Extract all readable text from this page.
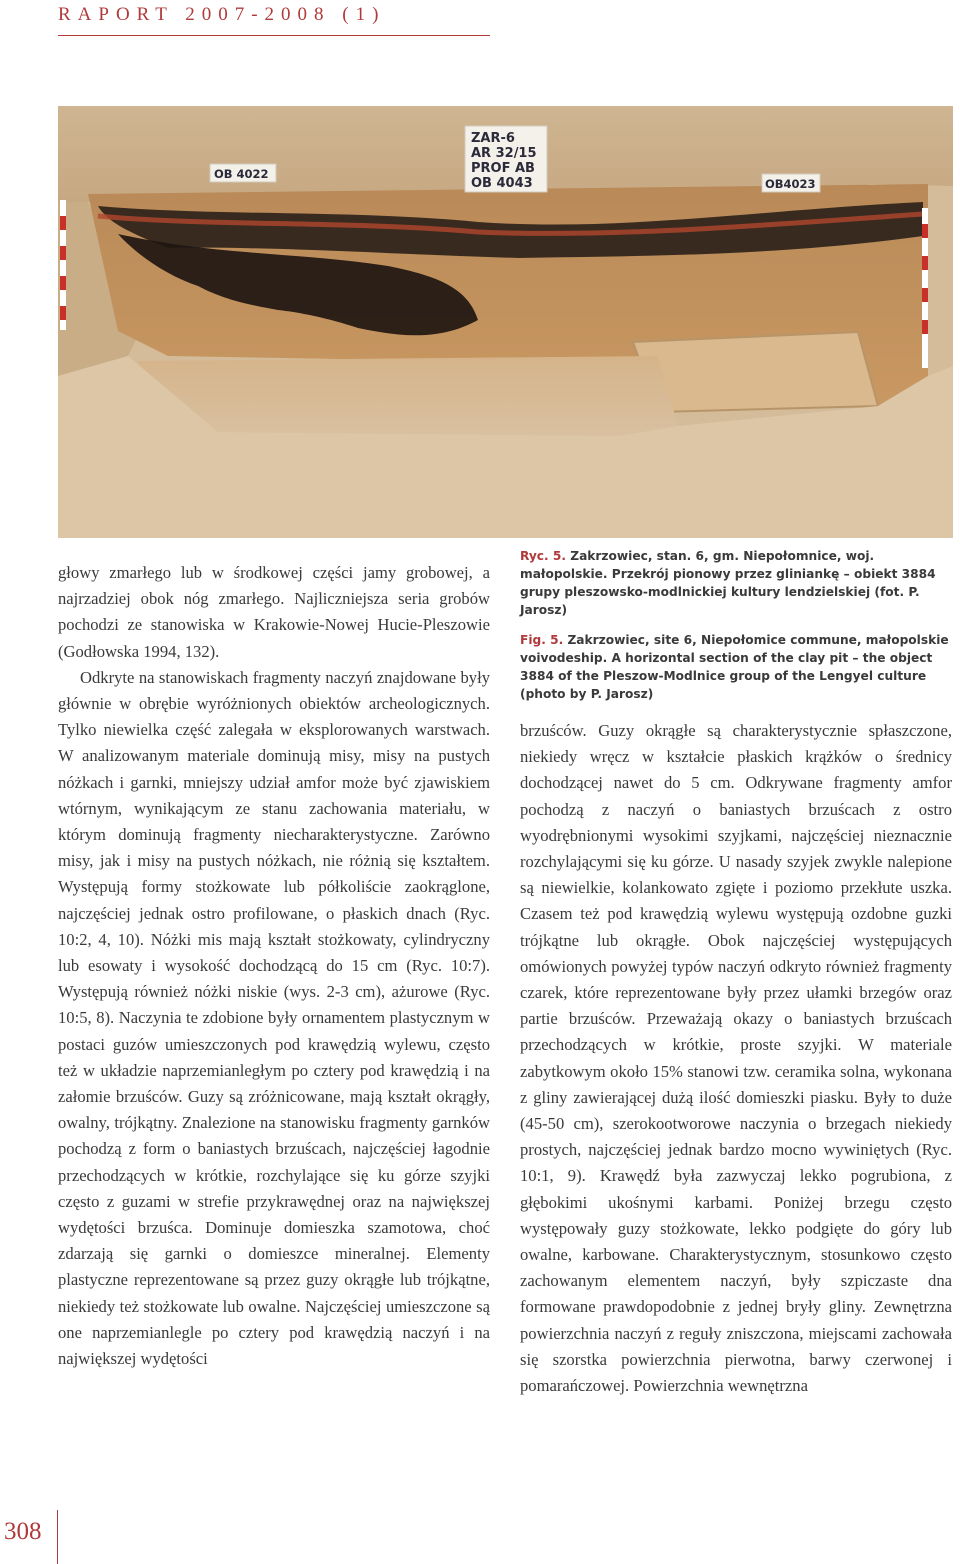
RAPORT 2007-2008 (1)
ZAR-6
AR 32/15
PROF AB
OB 4043
OB 4022
OB4023
Ryc. 5. Zakrzowiec, stan. 6, gm. Niepołomnice, woj. małopolskie. Przekrój pionowy przez gliniankę – obiekt 3884 grupy pleszowsko-modlnickiej kultury lendzielskiej (fot. P. Jarosz)
Fig. 5. Zakrzowiec, site 6, Niepołomice commune, małopolskie voivodeship. A horizontal section of the clay pit – the object 3884 of the Pleszow-Modlnice group of the Lengyel culture (photo by P. Jarosz)

głowy zmarłego lub w środkowej części jamy grobowej, a najrzadziej obok nóg zmarłego. Najliczniejsza seria grobów pochodzi ze stanowiska w Krakowie-Nowej Hucie-Pleszowie (Godłowska 1994, 132).

Odkryte na stanowiskach fragmenty naczyń znajdowane były głównie w obrębie wyróżnionych obiektów archeologicznych. Tylko niewielka część zalegała w eksplorowanych warstwach. W analizowanym materiale dominują misy, misy na pustych nóżkach i garnki, mniejszy udział amfor może być zjawiskiem wtórnym, wynikającym ze stanu zachowania materiału, w którym dominują fragmenty niecharakterystyczne. Zarówno misy, jak i misy na pustych nóżkach, nie różnią się kształtem. Występują formy stożkowate lub półkoliście zaokrąglone, najczęściej jednak ostro profilowane, o płaskich dnach (Ryc. 10:2, 4, 10). Nóżki mis mają kształt stożkowaty, cylindryczny lub esowaty i wysokość dochodzącą do 15 cm (Ryc. 10:7). Występują również nóżki niskie (wys. 2-3 cm), ażurowe (Ryc. 10:5, 8). Naczynia te zdobione były ornamentem plastycznym w postaci guzów umieszczonych pod krawędzią wylewu, często też w układzie naprzemianległym po cztery pod krawędzią i na załomie brzuśców. Guzy są zróżnicowane, mają kształt okrągły, owalny, trójkątny. Znalezione na stanowisku fragmenty garnków pochodzą z form o baniastych brzuścach, najczęściej łagodnie przechodzących w krótkie, rozchylające się ku górze szyjki często z guzami w strefie przykrawędnej oraz na największej wydętości brzuśca. Dominuje domieszka szamotowa, choć zdarzają się garnki o domieszce mineralnej. Elementy plastyczne reprezentowane są przez guzy okrągłe lub trójkątne, niekiedy też stożkowate lub owalne. Najczęściej umieszczone są one naprzemianlegle po cztery pod krawędzią naczyń i na największej wydętości

brzuśców. Guzy okrągłe są charakterystycznie spłaszczone, niekiedy wręcz w kształcie płaskich krążków o średnicy dochodzącej nawet do 5 cm. Odkrywane fragmenty amfor pochodzą z naczyń o baniastych brzuścach z ostro wyodrębnionymi wysokimi szyjkami, najczęściej nieznacznie rozchylającymi się ku górze. U nasady szyjek zwykle nalepione są niewielkie, kolankowato zgięte i poziomo przekłute uszka. Czasem też pod krawędzią wylewu występują ozdobne guzki trójkątne lub okrągłe. Obok najczęściej występujących omówionych powyżej typów naczyń odkryto również fragmenty czarek, które reprezentowane były przez ułamki brzegów oraz partie brzuśców. Przeważają okazy o baniastych brzuścach przechodzących w krótkie, proste szyjki. W materiale zabytkowym około 15% stanowi tzw. ceramika solna, wykonana z gliny zawierającej dużą ilość domieszki piasku. Były to duże (45-50 cm), szerokootworowe naczynia o brzegach niekiedy prostych, najczęściej jednak bardzo mocno wywiniętych (Ryc. 10:1, 9). Krawędź była zazwyczaj lekko pogrubiona, z głębokimi ukośnymi karbami. Poniżej brzegu często występowały guzy stożkowate, lekko podgięte do góry lub owalne, karbowane. Charakterystycznym, stosunkowo często zachowanym elementem naczyń, były szpiczaste dna formowane prawdopodobnie z jednej bryły gliny. Zewnętrzna powierzchnia naczyń z reguły zniszczona, miejscami zachowała się szorstka powierzchnia pierwotna, barwy czerwonej i pomarańczowej. Powierzchnia wewnętrzna

308
